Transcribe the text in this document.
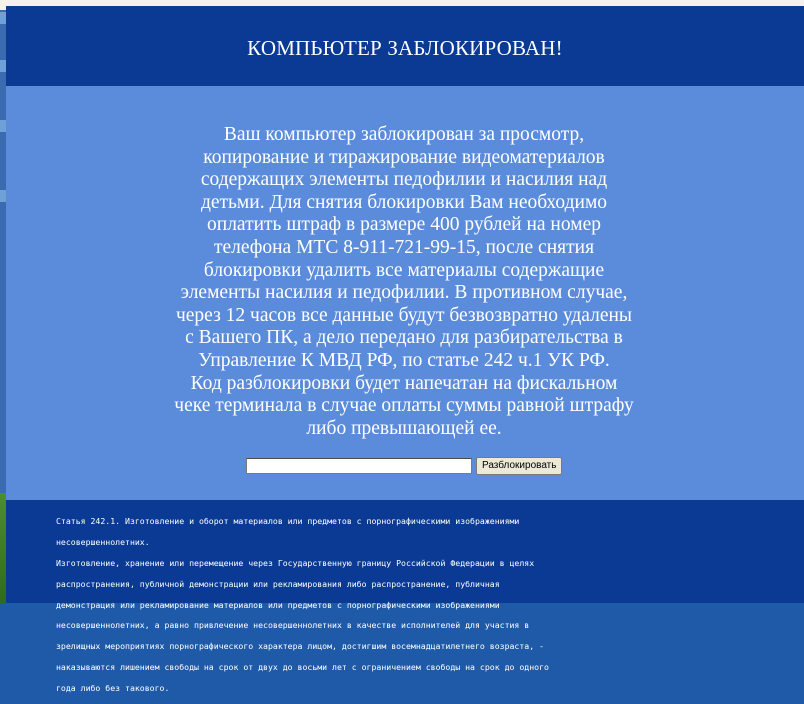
КОМПЬЮТЕР ЗАБЛОКИРОВАН!
Ваш компьютер заблокирован за просмотр,
копирование и тиражирование видеоматериалов
содержащих элементы педофилии и насилия над
детьми. Для снятия блокировки Вам необходимо
оплатить штраф в размере 400 рублей на номер
телефона МТС 8-911-721-99-15, после снятия
блокировки удалить все материалы содержащие
элементы насилия и педофилии. В противном случае,
через 12 часов все данные будут безвозвратно удалены
с Вашего ПК, а дело передано для разбирательства в
Управление К МВД РФ, по статье 242 ч.1 УК РФ.
Код разблокировки будет напечатан на фискальном
чеке терминала в случае оплаты суммы равной штрафу
либо превышающей ее.
Разблокировать

Статья 242.1. Изготовление и оборот материалов или предметов с порнографическими изображениями

несовершеннолетних.

Изготовление, хранение или перемещение через Государственную границу Российской Федерации в целях

распространения, публичной демонстрации или рекламирования либо распространение, публичная

демонстрация или рекламирование материалов или предметов с порнографическими изображениями

несовершеннолетних, а равно привлечение несовершеннолетних в качестве исполнителей для участия в

зрелищных мероприятиях порнографического характера лицом, достигшим восемнадцатилетнего возраста, -

наказываются лишением свободы на срок от двух до восьми лет с ограничением свободы на срок до одного

года либо без такового.
